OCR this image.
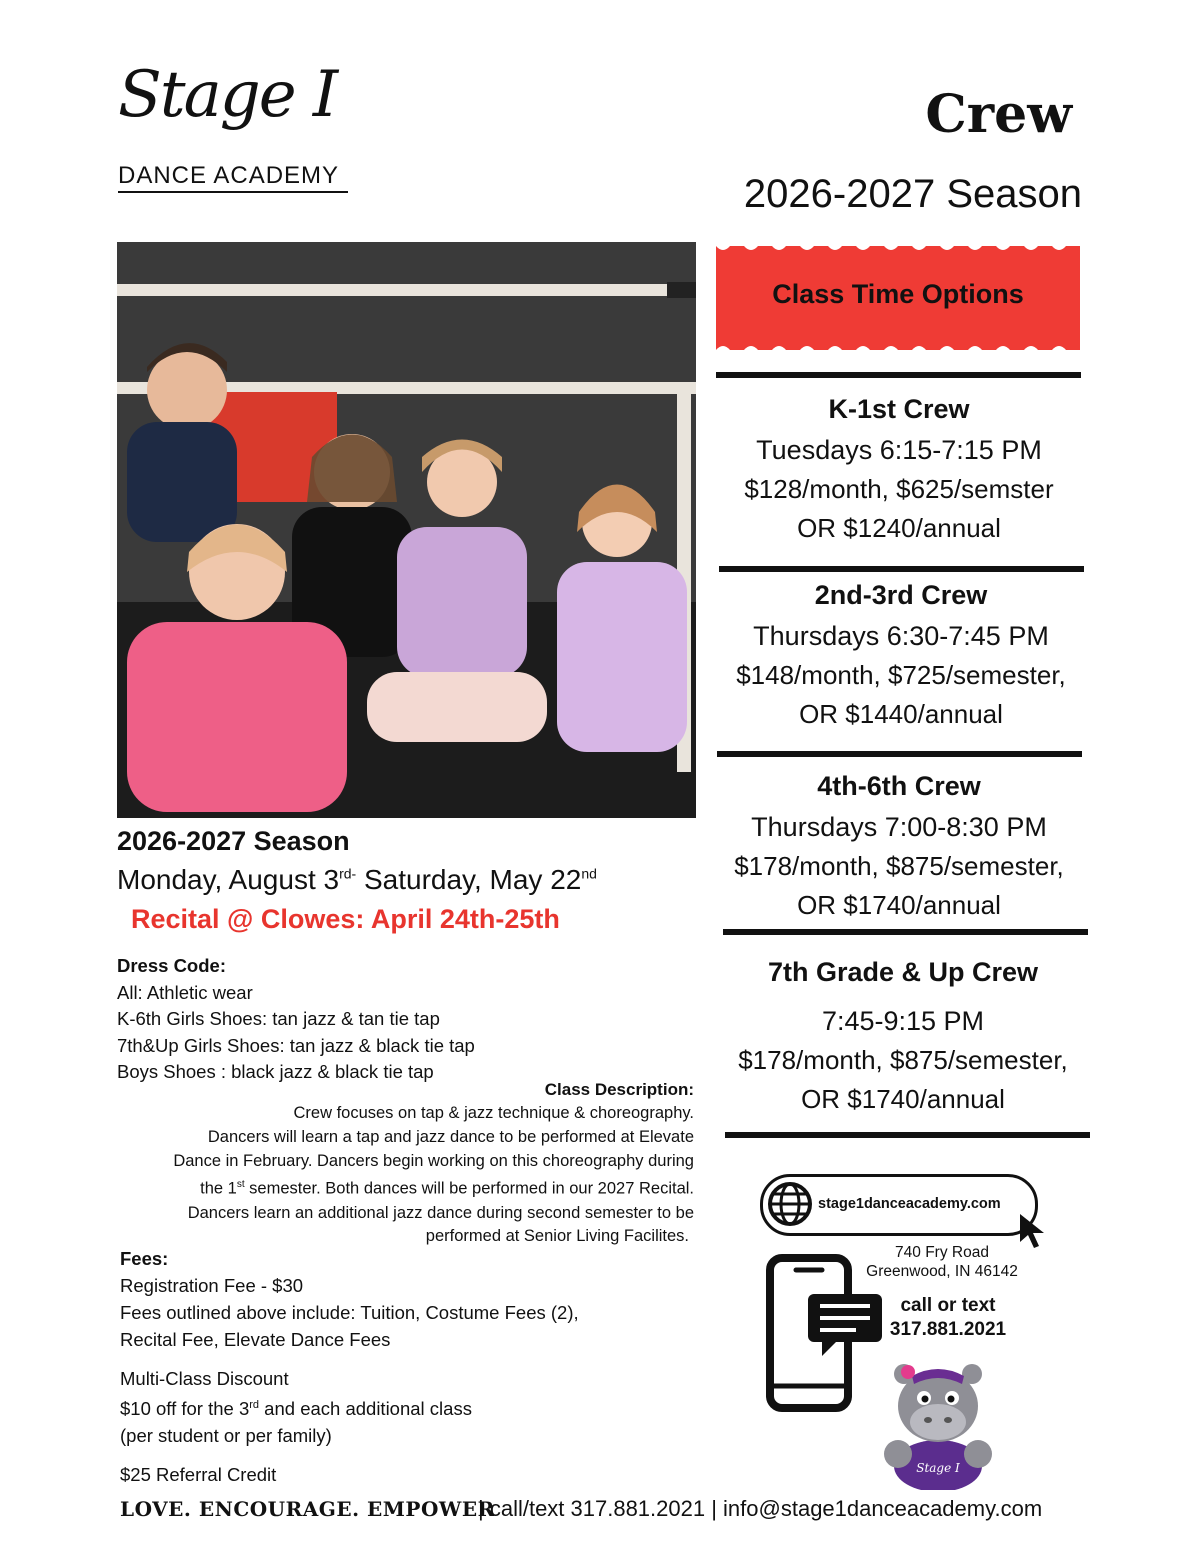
Stage I
DANCE ACADEMY
Crew
2026-2027 Season
Class Time Options
K-1st Crew
Tuesdays 6:15-7:15 PM
$128/month, $625/semster
OR $1240/annual
2nd-3rd Crew
Thursdays 6:30-7:45 PM
$148/month, $725/semester,
OR $1440/annual
4th-6th Crew
Thursdays 7:00-8:30 PM
$178/month, $875/semester,
OR $1740/annual
7th Grade & Up Crew
7:45-9:15 PM
$178/month, $875/semester,
OR $1740/annual
2026-2027 Season
Monday, August $3^{rd-}$ Saturday, May 22nd
Recital @ Clowes: April 24th-25th
Dress Code:
All: Athletic wear
K-6th Girls Shoes: tan jazz & tan tie tap
7th&Up Girls Shoes: tan jazz & black tie tap
Boys Shoes : black jazz & black tie tap
Class Description:
Crew focuses on tap & jazz technique & choreography.
Dancers will learn a tap and jazz dance to be performed at Elevate
Dance in February. Dancers begin working on this choreography during
the 1st semester. Both dances will be performed in our 2027 Recital.
Dancers learn an additional jazz dance during second semester to be
performed at Senior Living Facilites.
Fees:
Registration Fee - $30
Fees outlined above include: Tuition, Costume Fees (2),
Recital Fee, Elevate Dance Fees
Multi-Class Discount
$10 off for the 3rd and each additional class
(per student or per family)
$25 Referral Credit
stage1danceacademy.com
740 Fry Road
Greenwood, IN 46142
call or text
317.881.2021
Stage I
LOVE. ENCOURAGE. EMPOWER
| call/text 317.881.2021 | info@stage1danceacademy.com
